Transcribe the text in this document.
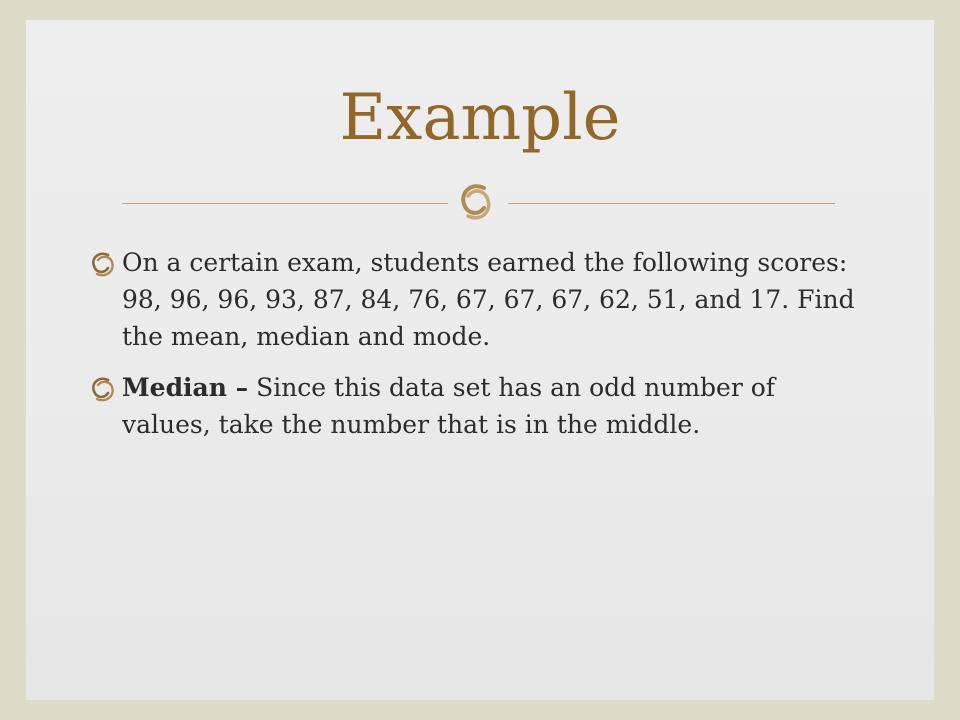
Example
On a certain exam, students earned the following scores: 98, 96, 96, 93, 87, 84, 76, 67, 67, 67, 62, 51, and 17. Find the mean, median and mode.
Median – Since this data set has an odd number of values, take the number that is in the middle.
